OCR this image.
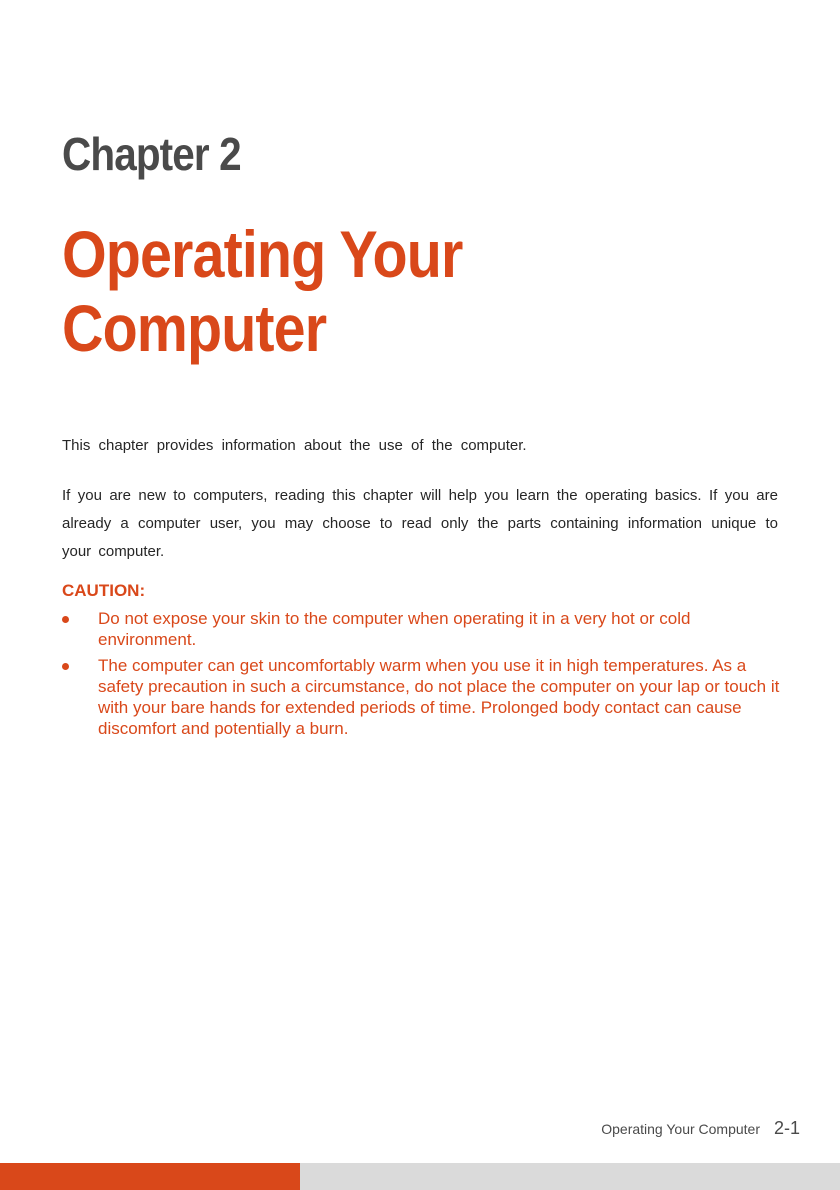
Chapter 2
Operating Your
Computer

This chapter provides information about the use of the computer.

If you are new to computers, reading this chapter will help you learn the operating basics. If you are already a computer user, you may choose to read only the parts containing information unique to your computer.

CAUTION:

Do not expose your skin to the computer when operating it in a very hot or cold environment.
The computer can get uncomfortably warm when you use it in high temperatures. As a safety precaution in such a circumstance, do not place the computer on your lap or touch it with your bare hands for extended periods of time. Prolonged body contact can cause discomfort and potentially a burn.
Operating Your Computer 2-1
